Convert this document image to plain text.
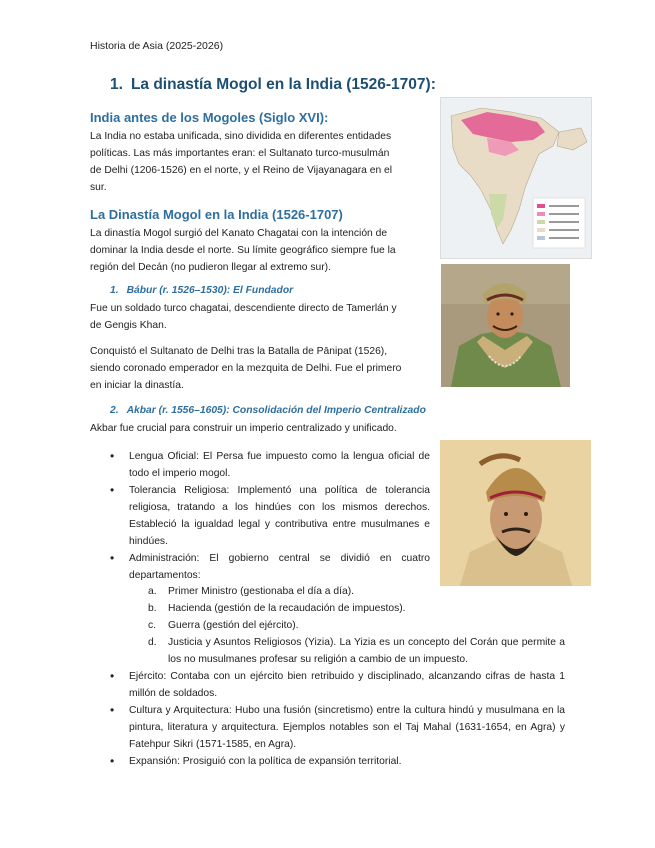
Historia de Asia (2025-2026)
1. La dinastía Mogol en la India (1526-1707):
India antes de los Mogoles (Siglo XVI):
La India no estaba unificada, sino dividida en diferentes entidades
políticas. Las más importantes eran: el Sultanato turco-musulmán
de Delhi (1206-1526) en el norte, y el Reino de Vijayanagara en el
sur.
La Dinastía Mogol en la India (1526-1707)
La dinastía Mogol surgió del Kanato Chagatai con la intención de
dominar la India desde el norte. Su límite geográfico siempre fue la
región del Decán (no pudieron llegar al extremo sur).
1. Bábur (r. 1526–1530): El Fundador
Fue un soldado turco chagatai, descendiente directo de Tamerlán y
de Gengis Khan.
Conquistó el Sultanato de Delhi tras la Batalla de Pānipat (1526),
siendo coronado emperador en la mezquita de Delhi. Fue el primero
en iniciar la dinastía.
2. Akbar (r. 1556–1605): Consolidación del Imperio Centralizado
Akbar fue crucial para construir un imperio centralizado y unificado.
• Lengua Oficial: El Persa fue impuesto como la lengua oficial de todo el imperio mogol.
• Tolerancia Religiosa: Implementó una política de tolerancia religiosa, tratando a los hindúes con los mismos derechos. Estableció la igualdad legal y contributiva entre musulmanes e hindúes.
• Administración: El gobierno central se dividió en cuatro departamentos:
a. Primer Ministro (gestionaba el día a día).
b. Hacienda (gestión de la recaudación de impuestos).
c. Guerra (gestión del ejército).
d. Justicia y Asuntos Religiosos (Yizia). La Yizia es un concepto del Corán que permite a los no musulmanes profesar su religión a cambio de un impuesto.
• Ejército: Contaba con un ejército bien retribuido y disciplinado, alcanzando cifras de hasta 1 millón de soldados.
• Cultura y Arquitectura: Hubo una fusión (sincretismo) entre la cultura hindú y musulmana en la pintura, literatura y arquitectura. Ejemplos notables son el Taj Mahal (1631-1654, en Agra) y Fatehpur Sikri (1571-1585, en Agra).
• Expansión: Prosiguió con la política de expansión territorial.
